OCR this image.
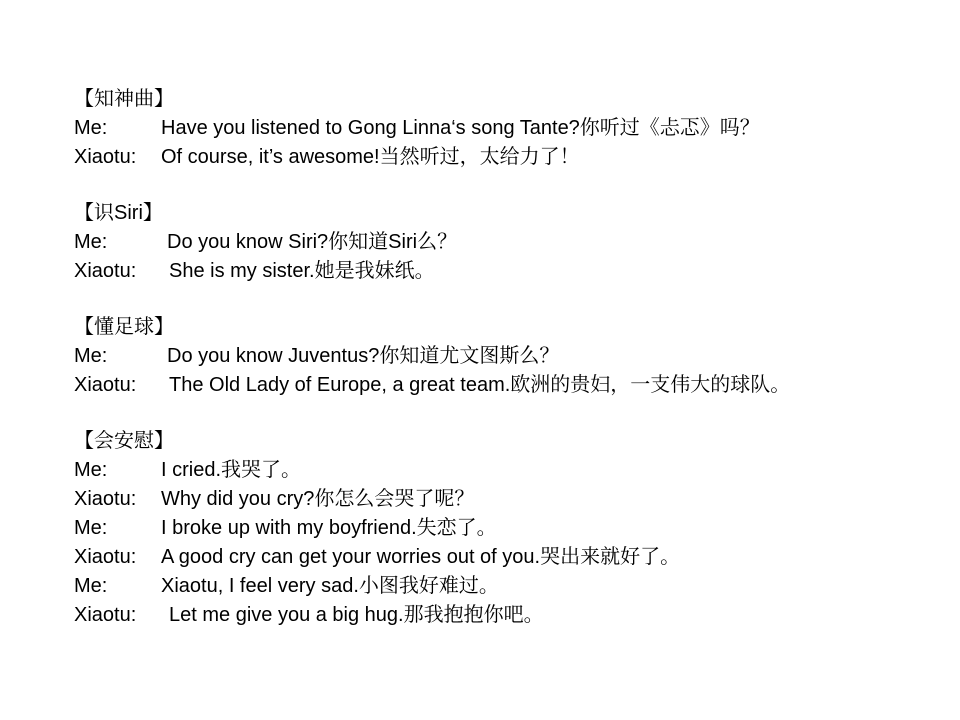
【知神曲】
Me:	Have you listened to Gong Linna‘s song Tante?你听过《忐忑》吗？
Xiaotu: Of course, it’s awesome!当然听过，太给力了！
【识Siri】
Me:	Do you know Siri?你知道Siri么？
Xiaotu: She is my sister.她是我妹纸。
【懂足球】
Me:	Do you know Juventus?你知道尤文图斯么？
Xiaotu: The Old Lady of Europe, a great team.欧洲的贵妇，一支伟大的球队。
【会安慰】
Me:	I cried.我哭了。
Xiaotu: Why did you cry?你怎么会哭了呢？
Me:	I broke up with my boyfriend.失恋了。
Xiaotu: A good cry can get your worries out of you.哭出来就好了。
Me:	Xiaotu, I feel very sad.小图我好难过。
Xiaotu: Let me give you a big hug.那我抱抱你吧。
